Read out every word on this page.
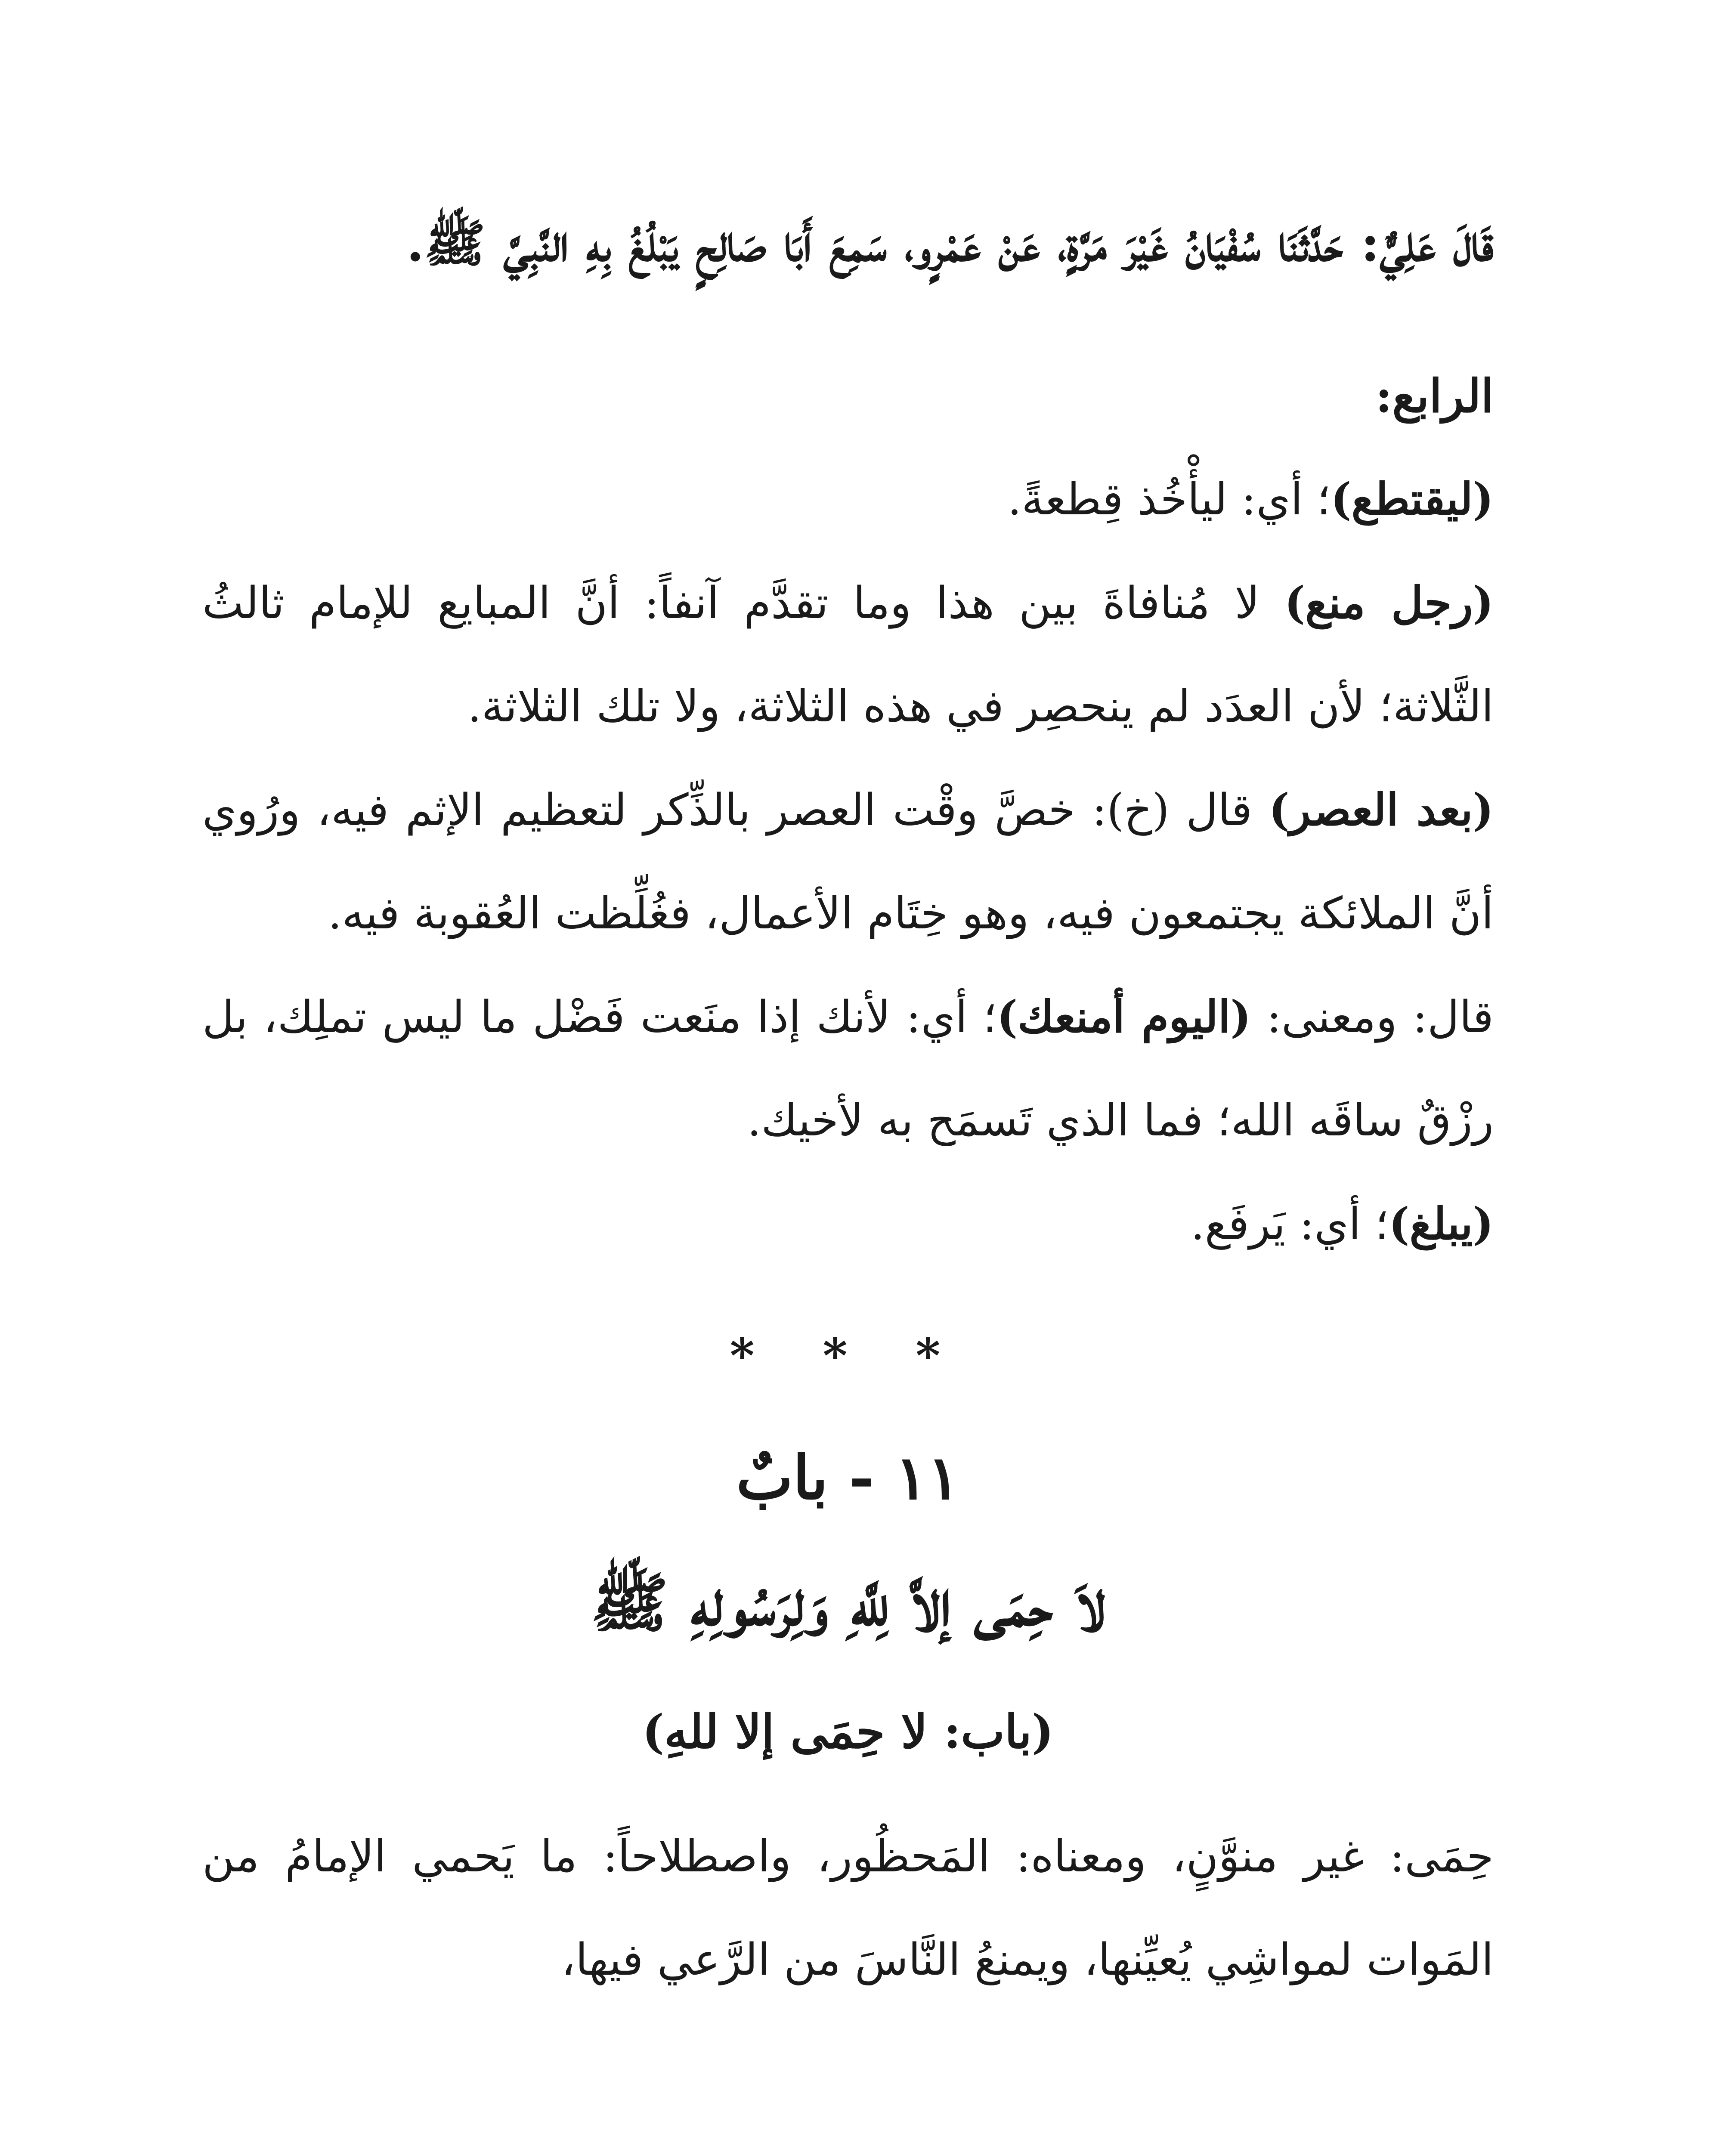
قَالَ عَلِيٌّ: حَدَّثَنَا سُفْيَانُ غَيْرَ مَرَّةٍ، عَنْ عَمْرٍو، سَمِعَ أَبَا صَالِحٍ يَبْلُغُ بِهِ النَّبِيَّ ﷺ.

الرابع:

(ليقتطع)؛ أي: ليأْخُذ قِطعةً.

(رجل منع) لا مُنافاةَ بين هذا وما تقدَّم آنفاً: أنَّ المبايع للإمام ثالثُ الثَّلاثة؛ لأن العدَد لم ينحصِر في هذه الثلاثة، ولا تلك الثلاثة.

(بعد العصر) قال (خ): خصَّ وقْت العصر بالذِّكر لتعظيم الإثم فيه، ورُوي أنَّ الملائكة يجتمعون فيه، وهو خِتَام الأعمال، فغُلِّظت العُقوبة فيه.

قال: ومعنى: (اليوم أمنعك)؛ أي: لأنك إذا منَعت فَضْل ما ليس تملِك، بل رزْقٌ ساقَه الله؛ فما الذي تَسمَح به لأخيك.

(يبلغ)؛ أي: يَرفَع.

* * *

١١ - بابٌ

لاَ حِمَى إلاَّ لِلَّهِ وَلِرَسُولِهِ ﷺ

(باب: لا حِمَى إلا للهِ)

حِمَى: غير منوَّنٍ، ومعناه: المَحظُور، واصطلاحاً: ما يَحمي الإمامُ من المَوات لمواشِي يُعيِّنها، ويمنعُ النَّاسَ من الرَّعي فيها،
